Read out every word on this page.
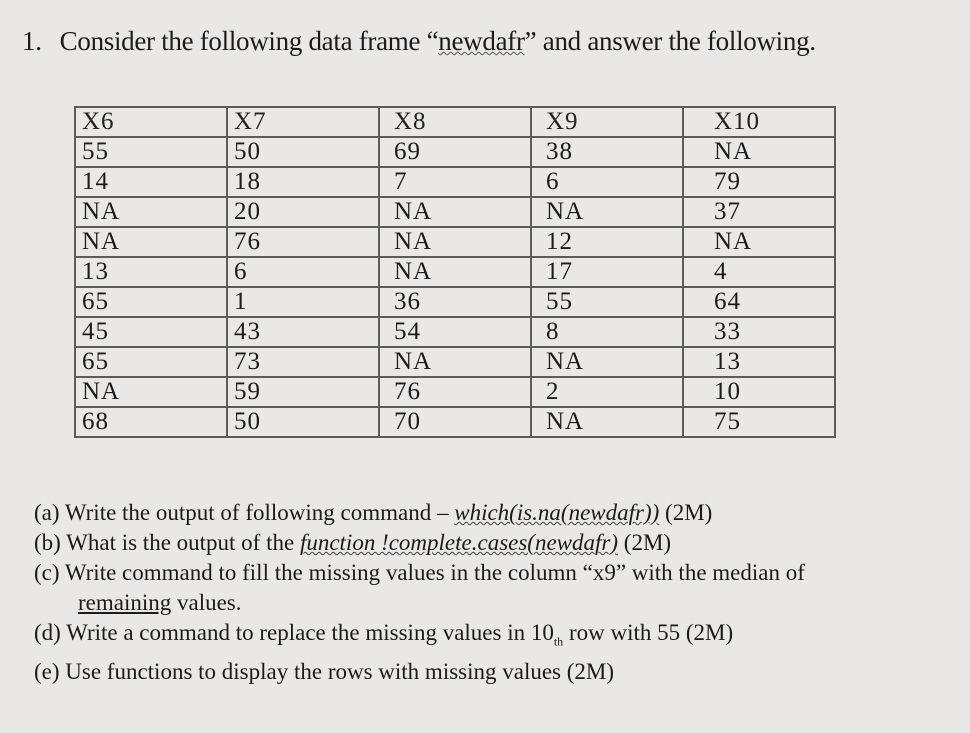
1. Consider the following data frame “newdafr” and answer the following.
X6	X7	X8	X9	X10
55	50	69	38	NA
14	18	7	6	79
NA	20	NA	NA	37
NA	76	NA	12	NA
13	6	NA	17	4
65	1	36	55	64
45	43	54	8	33
65	73	NA	NA	13
NA	59	76	2	10
68	50	70	NA	75
(a) Write the output of following command – which(is.na(newdafr)) (2M)
(b) What is the output of the function !complete.cases(newdafr) (2M)
(c) Write command to fill the missing values in the column “x9” with the median of
remaining values.
(d) Write a command to replace the missing values in $10_{th}$ row with 55 (2M)
(e) Use functions to display the rows with missing values (2M)
